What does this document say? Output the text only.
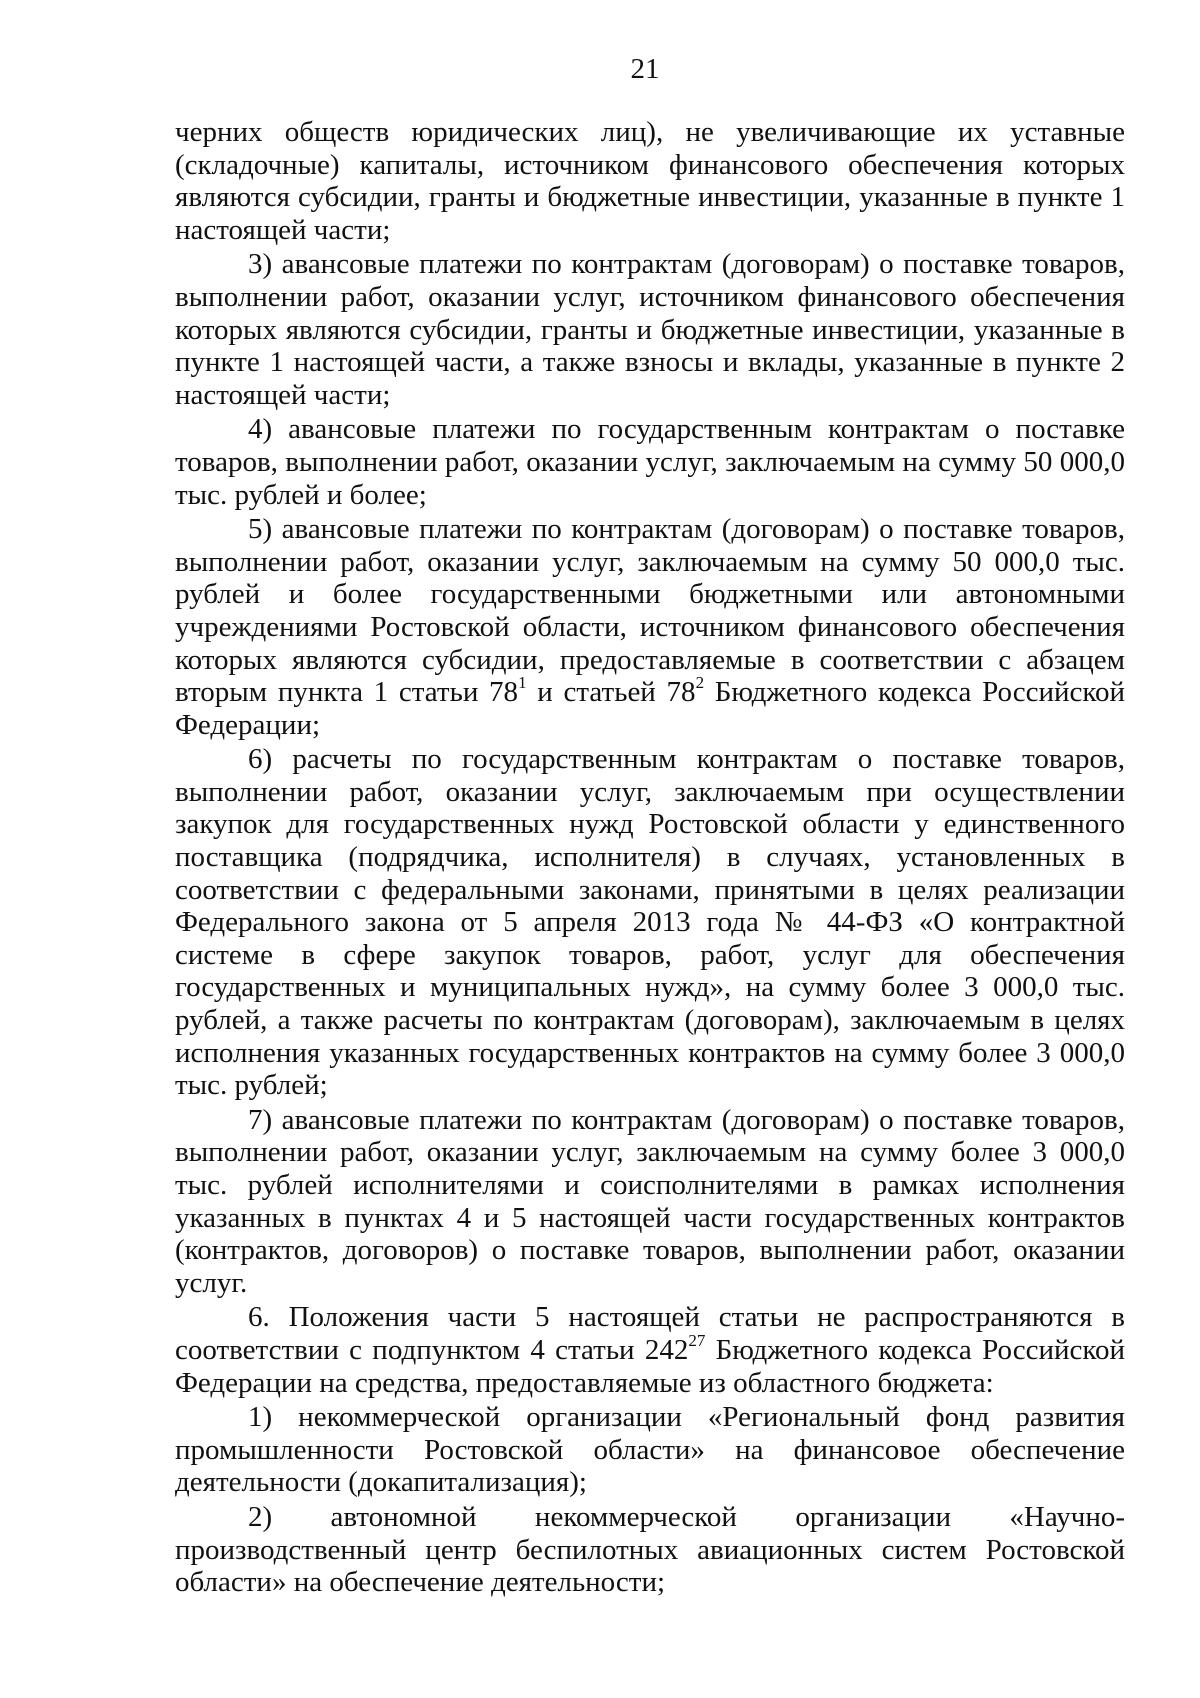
21

черних обществ юридических лиц), не увеличивающие их уставные (складочные) капиталы, источником финансового обеспечения которых являются субсидии, гранты и бюджетные инвестиции, указанные в пункте 1 настоящей части;

3) авансовые платежи по контрактам (договорам) о поставке товаров, выполнении работ, оказании услуг, источником финансового обеспечения которых являются субсидии, гранты и бюджетные инвестиции, указанные в пункте 1 настоящей части, а также взносы и вклады, указанные в пункте 2 настоящей части;

4) авансовые платежи по государственным контрактам о поставке товаров, выполнении работ, оказании услуг, заключаемым на сумму 50 000,0 тыс. рублей и более;

5) авансовые платежи по контрактам (договорам) о поставке товаров, выполнении работ, оказании услуг, заключаемым на сумму 50 000,0 тыс. рублей и более государственными бюджетными или автономными учреждениями Ростовской области, источником финансового обеспечения которых являются субсидии, предоставляемые в соответствии с абзацем вторым пункта 1 статьи $78^1$ и статьей $78^2$ Бюджетного кодекса Российской Федерации;

6) расчеты по государственным контрактам о поставке товаров, выполнении работ, оказании услуг, заключаемым при осуществлении закупок для государственных нужд Ростовской области у единственного поставщика (подрядчика, исполнителя) в случаях, установленных в соответствии с федеральными законами, принятыми в целях реализации Федерального закона от 5 апреля 2013 года № 44-ФЗ «О контрактной системе в сфере закупок товаров, работ, услуг для обеспечения государственных и муниципальных нужд», на сумму более 3 000,0 тыс. рублей, а также расчеты по контрактам (договорам), заключаемым в целях исполнения указанных государственных контрактов на сумму более 3 000,0 тыс. рублей;

7) авансовые платежи по контрактам (договорам) о поставке товаров, выполнении работ, оказании услуг, заключаемым на сумму более 3 000,0 тыс. рублей исполнителями и соисполнителями в рамках исполнения указанных в пунктах 4 и 5 настоящей части государственных контрактов (контрактов, договоров) о поставке товаров, выполнении работ, оказании услуг.

6. Положения части 5 настоящей статьи не распространяются в соответствии с подпунктом 4 статьи $242^{27}$ Бюджетного кодекса Российской Федерации на средства, предоставляемые из областного бюджета:

1) некоммерческой организации «Региональный фонд развития промышленности Ростовской области» на финансовое обеспечение деятельности (докапитализация);

2) автономной некоммерческой организации «Научно-производственный центр беспилотных авиационных систем Ростовской области» на обеспечение деятельности;
